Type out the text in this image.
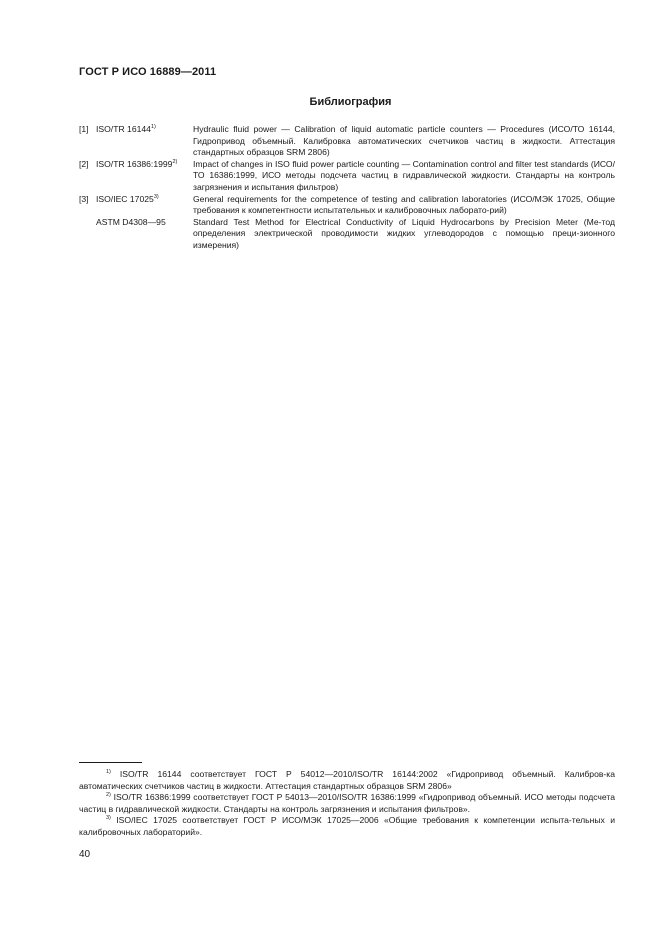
ГОСТ Р ИСО 16889—2011
Библиография
[1] ISO/TR 16144$^{1)}$	Hydraulic fluid power — Calibration of liquid automatic particle counters — Procedures (ИСО/ТО 16144, Гидропривод объемный. Калибровка автоматических счетчиков частиц в жидкости. Аттестация стандартных образцов SRM 2806)
[2] ISO/TR 16386:1999$^{2)}$	Impact of changes in ISO fluid power particle counting — Contamination control and filter test standards (ИСО/ТО 16386:1999, ИСО методы подсчета частиц в гидравлической жидкости. Стандарты на контроль загрязнения и испытания фильтров)
[3] ISO/IEC 17025$^{3)}$	General requirements for the competence of testing and calibration laboratories (ИСО/МЭК 17025, Общие требования к компетентности испытательных и калибровочных лаборато-рий)
ASTM D4308—95	Standard Test Method for Electrical Conductivity of Liquid Hydrocarbons by Precision Meter (Ме-тод определения электрической проводимости жидких углеводородов с помощью преци-зионного измерения)

$^{1)}$ ISO/TR 16144 соответствует ГОСТ Р 54012—2010/ISO/TR 16144:2002 «Гидропривод объемный. Калибров-ка автоматических счетчиков частиц в жидкости. Аттестация стандартных образцов SRM 2806»

$^{2)}$ ISO/TR 16386:1999 соответствует ГОСТ Р 54013—2010/ISO/TR 16386:1999 «Гидропривод объемный. ИСО методы подсчета частиц в гидравлической жидкости. Стандарты на контроль загрязнения и испытания фильтров».

$^{3)}$ ISO/IEC 17025 соответствует ГОСТ Р ИСО/МЭК 17025—2006 «Общие требования к компетенции испыта-тельных и калибровочных лабораторий».

40
